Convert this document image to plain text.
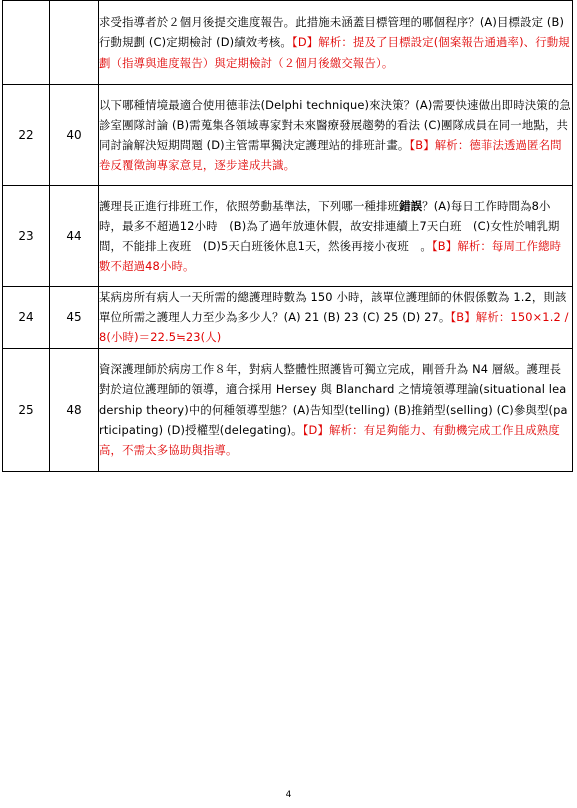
		求受指導者於２個月後提交進度報告。此措施未涵蓋目標管理的哪個程序？(A)目標設定 (B)行動規劃 (C)定期檢討 (D)績效考核。【D】解析：提及了目標設定(個案報告通過率)、行動規劃（指導與進度報告）與定期檢討（２個月後繳交報告）。
22	40	以下哪種情境最適合使用德菲法(Delphi technique)來決策？(A)需要快速做出即時決策的急診室團隊討論 (B)需蒐集各領域專家對未來醫療發展趨勢的看法 (C)團隊成員在同一地點，共同討論解決短期問題 (D)主管需單獨決定護理站的排班計畫。【B】解析：德菲法透過匿名問卷反覆徵詢專家意見，逐步達成共識。
23	44	護理長正進行排班工作，依照勞動基準法，下列哪一種排班錯誤？(A)每日工作時間為8小時，最多不超過12小時　(B)為了過年放連休假，故安排連續上7天白班　(C)女性於哺乳期間，不能排上夜班　(D)5天白班後休息1天，然後再接小夜班　。【B】解析：每周工作總時數不超過48小時。
24	45	某病房所有病人一天所需的總護理時數為 150 小時，該單位護理師的休假係數為 1.2，則該單位所需之護理人力至少為多少人？(A) 21 (B) 23 (C) 25 (D) 27。【B】解析：150×1.2 / 8(小時)＝22.5≒23(人)
25	48	資深護理師於病房工作８年，對病人整體性照護皆可獨立完成，剛晉升為 N4 層級。護理長對於這位護理師的領導，適合採用 Hersey 與 Blanchard 之情境領導理論(situational leadership theory)中的何種領導型態？(A)告知型(telling) (B)推銷型(selling) (C)參與型(participating) (D)授權型(delegating)。【D】解析：有足夠能力、有動機完成工作且成熟度高，不需太多協助與指導。
4
